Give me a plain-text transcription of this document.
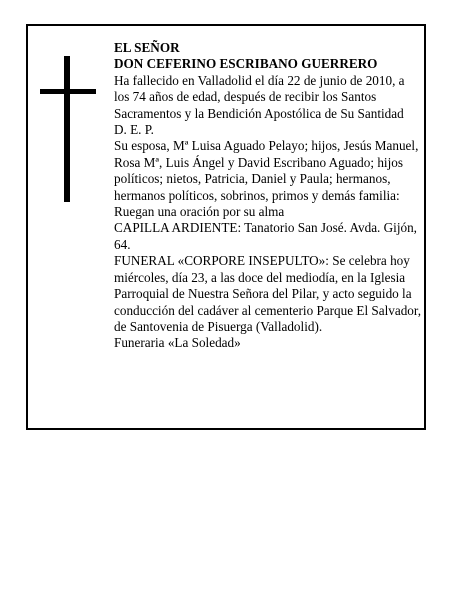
EL SEÑOR

DON CEFERINO ESCRIBANO GUERRERO

Ha fallecido en Valladolid el día 22 de junio de 2010, a los 74 años de edad, después de recibir los Santos Sacramentos y la Bendición Apostólica de Su Santidad

D. E. P.

Su esposa, Mª Luisa Aguado Pelayo; hijos, Jesús Manuel, Rosa Mª, Luis Ángel y David Escribano Aguado; hijos políticos; nietos, Patricia, Daniel y Paula; hermanos, hermanos políticos, sobrinos, primos y demás familia:

Ruegan una oración por su alma

CAPILLA ARDIENTE: Tanatorio San José. Avda. Gijón, 64.

FUNERAL «CORPORE INSEPULTO»: Se celebra hoy miércoles, día 23, a las doce del mediodía, en la Iglesia Parroquial de Nuestra Señora del Pilar, y acto seguido la conducción del cadáver al cementerio Parque El Salvador, de Santovenia de Pisuerga (Valladolid).

Funeraria «La Soledad»
